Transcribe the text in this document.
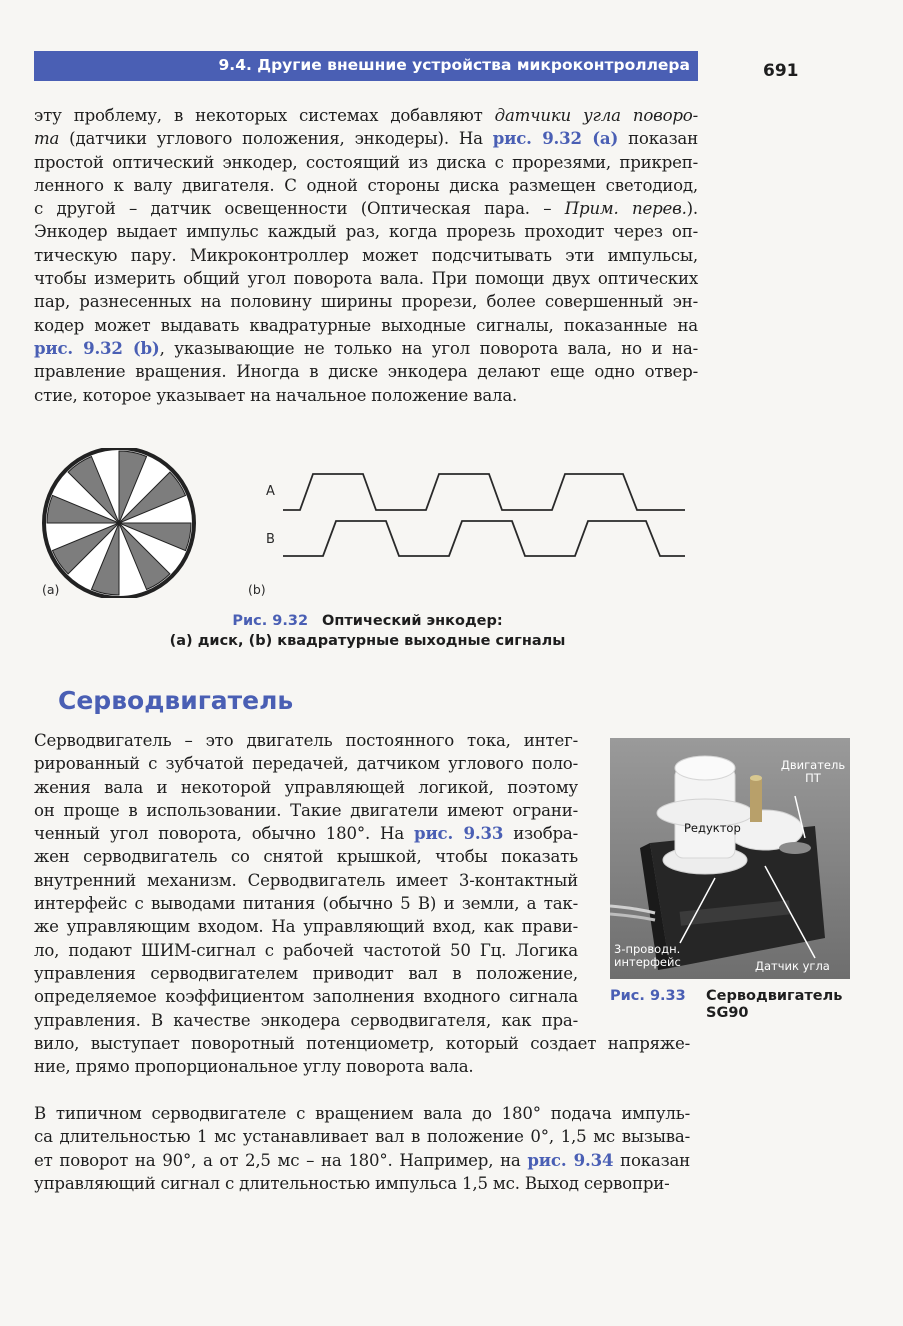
9.4. Другие внешние устройства микроконтроллера	691
эту проблему, в некоторых системах добавляют датчики угла поворо-
та (датчики углового положения, энкодеры). На рис. 9.32 (a) показан
простой оптический энкодер, состоящий из диска с прорезями, прикреп-
ленного к валу двигателя. С одной стороны диска размещен светодиод,
с другой – датчик освещенности (Оптическая пара. – Прим. перев.).
Энкодер выдает импульс каждый раз, когда прорезь проходит через оп-
тическую пару. Микроконтроллер может подсчитывать эти импульсы,
чтобы измерить общий угол поворота вала. При помощи двух оптических
пар, разнесенных на половину ширины прорези, более совершенный эн-
кодер может выдавать квадратурные выходные сигналы, показанные на
рис. 9.32 (b), указывающие не только на угол поворота вала, но и на-
правление вращения. Иногда в диске энкодера делают еще одно отвер-
стие, которое указывает на начальное положение вала.
(a)
A
B
(b)
Рис. 9.32 Оптический энкодер:
(a) диск, (b) квадратурные выходные сигналы
Серводвигатель
Серводвигатель – это двигатель постоянного тока, интег-
рированный с зубчатой передачей, датчиком углового поло-
жения вала и некоторой управляющей логикой, поэтому
он проще в использовании. Такие двигатели имеют ограни-
ченный угол поворота, обычно 180°. На рис. 9.33 изобра-
жен серводвигатель со снятой крышкой, чтобы показать
внутренний механизм. Серводвигатель имеет 3-контактный
интерфейс с выводами питания (обычно 5 В) и земли, а так-
же управляющим входом. На управляющий вход, как прави-
ло, подают ШИМ-сигнал с рабочей частотой 50 Гц. Логика
управления серводвигателем приводит вал в положение,
определяемое коэффициентом заполнения входного сигнала
управления. В качестве энкодера серводвигателя, как пра-
вило, выступает поворотный потенциометр, который создает напряже-
ние, прямо пропорциональное углу поворота вала.
Двигатель ПТ
Редуктор
3-проводн. интерфейс	Датчик угла
Рис. 9.33 Серводвигатель SG90
В типичном серводвигателе с вращением вала до 180° подача импуль-
са длительностью 1 мс устанавливает вал в положение 0°, 1,5 мс вызыва-
ет поворот на 90°, а от 2,5 мс – на 180°. Например, на рис. 9.34 показан
управляющий сигнал с длительностью импульса 1,5 мс. Выход сервопри-
